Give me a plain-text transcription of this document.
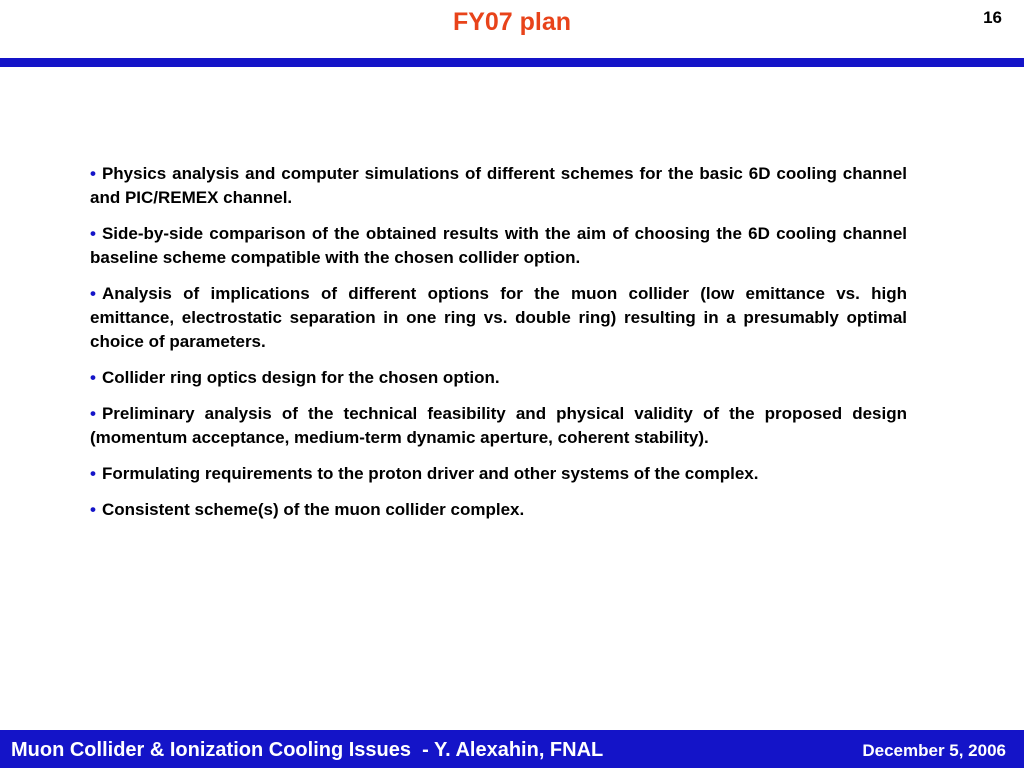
FY07 plan	16
• Physics analysis and computer simulations of different schemes for the basic 6D cooling channel and PIC/REMEX channel.
• Side-by-side comparison of the obtained results with the aim of choosing the 6D cooling channel baseline scheme compatible with the chosen collider option.
• Analysis of implications of different options for the muon collider (low emittance vs. high emittance, electrostatic separation in one ring vs. double ring) resulting in a presumably optimal choice of parameters.
• Collider ring optics design for the chosen option.
• Preliminary analysis of the technical feasibility and physical validity of the proposed design (momentum acceptance, medium-term dynamic aperture, coherent stability).
• Formulating requirements to the proton driver and other systems of the complex.
• Consistent scheme(s) of the muon collider complex.
Muon Collider & Ionization Cooling Issues  - Y. Alexahin, FNAL	December 5, 2006
